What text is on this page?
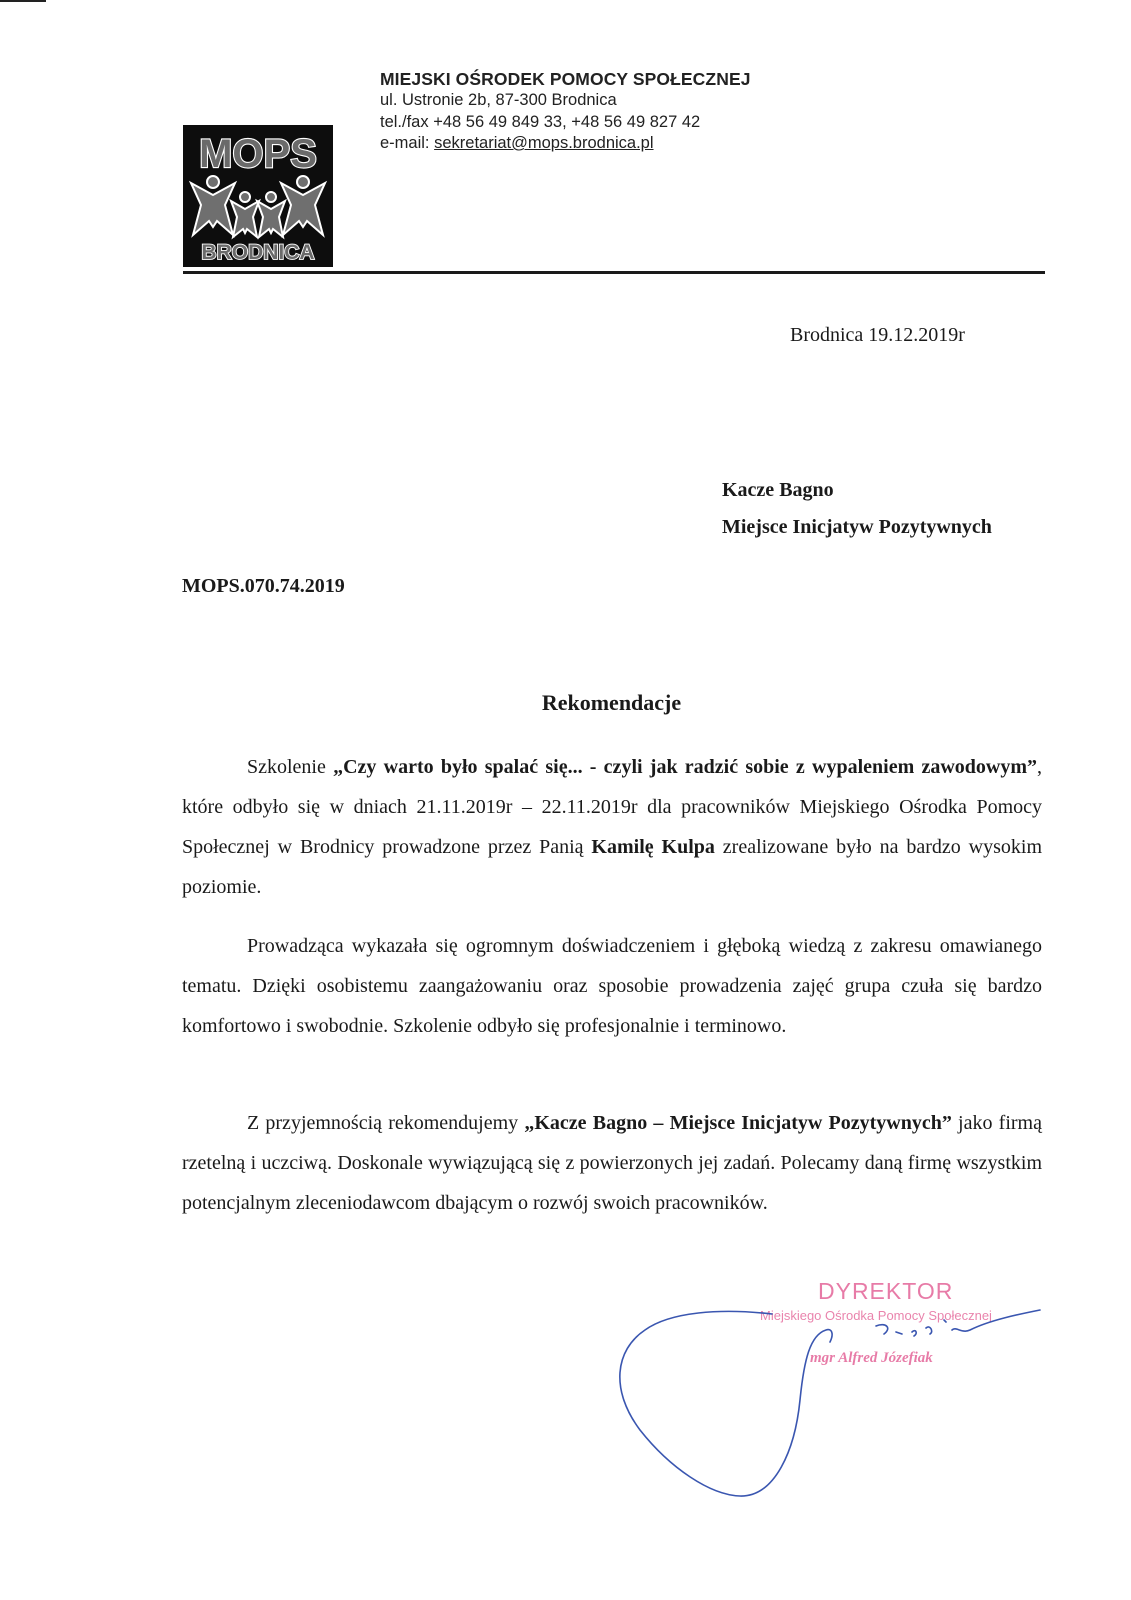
MOPS
BRODNICA
MIEJSKI OŚRODEK POMOCY SPOŁECZNEJ
ul. Ustronie 2b, 87-300 Brodnica
tel./fax +48 56 49 849 33, +48 56 49 827 42
e-mail: sekretariat@mops.brodnica.pl
Brodnica 19.12.2019r
Kacze Bagno
Miejsce Inicjatyw Pozytywnych
MOPS.070.74.2019
Rekomendacje

Szkolenie „Czy warto było spalać się... - czyli jak radzić sobie z wypaleniem zawodowym”, które odbyło się w dniach 21.11.2019r – 22.11.2019r dla pracowników Miejskiego Ośrodka Pomocy Społecznej w Brodnicy prowadzone przez Panią Kamilę Kulpa zrealizowane było na bardzo wysokim poziomie.

Prowadząca wykazała się ogromnym doświadczeniem i głęboką wiedzą z zakresu omawianego tematu. Dzięki osobistemu zaangażowaniu oraz sposobie prowadzenia zajęć grupa czuła się bardzo komfortowo i swobodnie. Szkolenie odbyło się profesjonalnie i terminowo.

Z przyjemnością rekomendujemy „Kacze Bagno – Miejsce Inicjatyw Pozytywnych” jako firmą rzetelną i uczciwą. Doskonale wywiązującą się z powierzonych jej zadań. Polecamy daną firmę wszystkim potencjalnym zleceniodawcom dbającym o rozwój swoich pracowników.

DYREKTOR
Miejskiego Ośrodka Pomocy Społecznej
mgr Alfred Józefiak
